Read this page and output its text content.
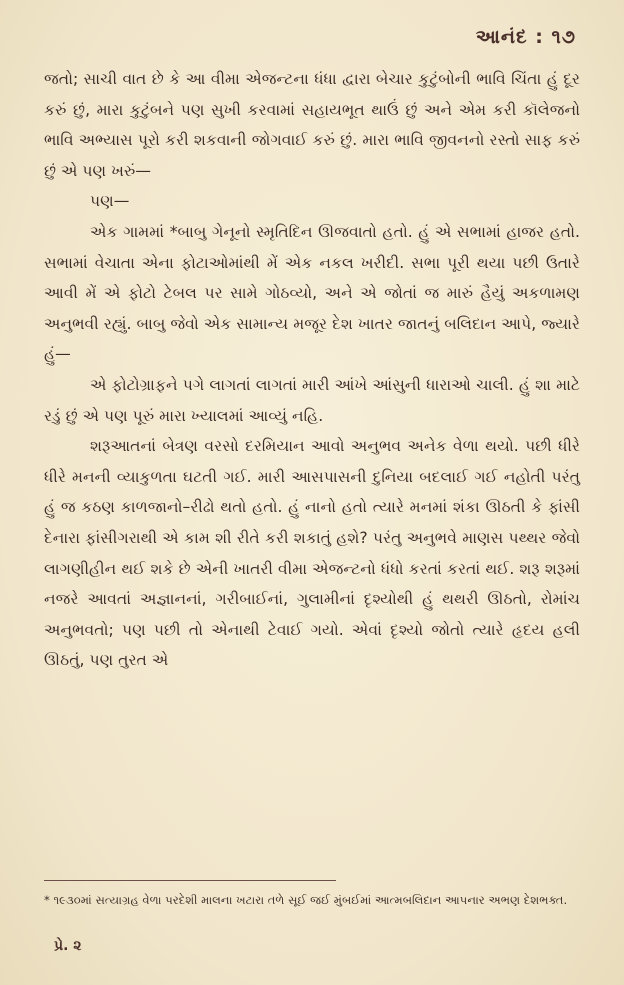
આનંદ : ૧૭

જતો; સાચી વાત છે કે આ વીમા એજન્ટના ધંધા દ્વારા બેચાર કુટુંબોની ભાવિ ચિંતા હું દૂર કરું છું, મારા કુટુંબને પણ સુખી કરવામાં સહાયભૂત થાઉં છું અને એમ કરી કૉલેજનો ભાવિ અભ્યાસ પૂરો કરી શકવાની જોગવાઈ કરું છું. મારા ભાવિ જીવનનો રસ્તો સાફ કરું છું એ પણ ખરું—

પણ—

એક ગામમાં *બાબુ ગેનૂનો સ્મૃતિદિન ઊજવાતો હતો. હું એ સભામાં હાજર હતો. સભામાં વેચાતા એના ફોટાઓમાંથી મેં એક નકલ ખરીદી. સભા પૂરી થયા પછી ઉતારે આવી મેં એ ફોટો ટેબલ પર સામે ગોઠવ્યો, અને એ જોતાં જ મારું હૈયું અકળામણ અનુભવી રહ્યું. બાબુ જેવો એક સામાન્ય મજૂર દેશ ખાતર જાતનું બલિદાન આપે, જ્યારે હું—

એ ફોટોગ્રાફને પગે લાગતાં લાગતાં મારી આંખે આંસુની ધારાઓ ચાલી. હું શા માટે રડું છું એ પણ પૂરું મારા ખ્યાલમાં આવ્યું નહિ.

શરૂઆતનાં બેત્રણ વરસો દરમિયાન આવો અનુભવ અનેક વેળા થયો. પછી ધીરે ધીરે મનની વ્યાકુળતા ઘટતી ગઈ. મારી આસપાસની દુનિયા બદલાઈ ગઈ નહોતી પરંતુ હું જ કઠણ કાળજાનો–રીઢો થતો હતો. હું નાનો હતો ત્યારે મનમાં શંકા ઊઠતી કે ફાંસી દેનારા ફાંસીગરાથી એ કામ શી રીતે કરી શકાતું હશે? પરંતુ અનુભવે માણસ પથ્થર જેવો લાગણીહીન થઈ શકે છે એની ખાતરી વીમા એજન્ટનો ધંધો કરતાં કરતાં થઈ. શરૂ શરૂમાં નજરે આવતાં અજ્ઞાનનાં, ગરીબાઈનાં, ગુલામીનાં દૃશ્યોથી હું થથરી ઊઠતો, રોમાંચ અનુભવતો; પણ પછી તો એનાથી ટેવાઈ ગયો. એવાં દૃશ્યો જોતો ત્યારે હૃદય હલી ઊઠતું, પણ તુરત એ

* ૧૯૩૦માં સત્યાગ્રહ વેળા પરદેશી માલના ખટારા તળે સૂઈ જઈ મુંબઈમાં આત્મબલિદાન આપનાર અભણ દેશભક્ત.
પ્રે. ૨
